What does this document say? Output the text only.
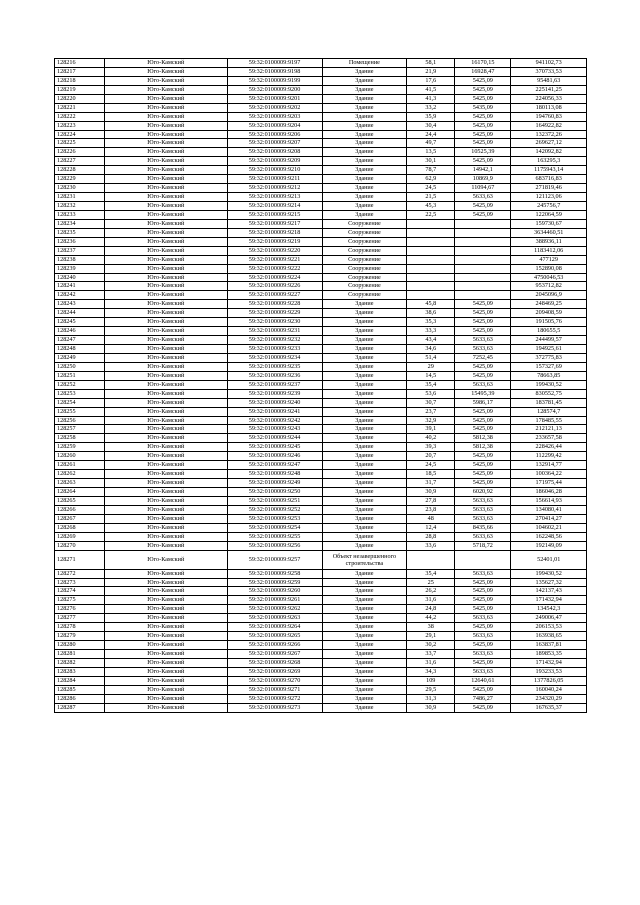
128216	Юго-Камский	59:32:0100009:9197	Помещение	58,1	16170,15	941102,73
128217	Юго-Камский	59:32:0100009:9198	Здание	21,9	16928,47	370733,53
128218	Юго-Камский	59:32:0100009:9199	Здание	17,6	5425,09	95481,63
128219	Юго-Камский	59:32:0100009:9200	Здание	41,5	5425,09	225141,25
128220	Юго-Камский	59:32:0100009:9201	Здание	41,3	5425,09	224056,33
128221	Юго-Камский	59:32:0100009:9202	Здание	33,2	5435,09	180113,08
128222	Юго-Камский	59:32:0100009:9203	Здание	35,9	5425,09	194760,83
128223	Юго-Камский	59:32:0100009:9204	Здание	30,4	5425,09	164922,82
128224	Юго-Камский	59:32:0100009:9206	Здание	24,4	5425,09	132372,26
128225	Юго-Камский	59:32:0100009:9207	Здание	49,7	5425,09	269627,12
128226	Юго-Камский	59:32:0100009:9208	Здание	13,5	10525,39	142092,82
128227	Юго-Камский	59:32:0100009:9209	Здание	30,1	5425,09	163295,3
128228	Юго-Камский	59:32:0100009:9210	Здание	78,7	14942,1	1175943,14
128229	Юго-Камский	59:32:0100009:9211	Здание	62,9	10869,9	683716,83
128230	Юго-Камский	59:32:0100009:9212	Здание	24,5	11094,67	271819,46
128231	Юго-Камский	59:32:0100009:9213	Здание	21,5	5633,63	121123,06
128232	Юго-Камский	59:32:0100009:9214	Здание	45,3	5425,09	245756,7
128233	Юго-Камский	59:32:0100009:9215	Здание	22,5	5425,09	122064,59
128234	Юго-Камский	59:32:0100009:9217	Сооружение			159730,67
128235	Юго-Камский	59:32:0100009:9218	Сооружение			3634460,51
128236	Юго-Камский	59:32:0100009:9219	Сооружение			388936,11
128237	Юго-Камский	59:32:0100009:9220	Сооружение			1183412,06
128238	Юго-Камский	59:32:0100009:9221	Сооружение			477129
128239	Юго-Камский	59:32:0100009:9222	Сооружение			152890,08
128240	Юго-Камский	59:32:0100009:9224	Сооружение			4750046,53
128241	Юго-Камский	59:32:0100009:9226	Сооружение			953712,82
128242	Юго-Камский	59:32:0100009:9227	Сооружение			2045096,9
128243	Юго-Камский	59:32:0100009:9228	Здание	45,8	5425,09	248469,25
128244	Юго-Камский	59:32:0100009:9229	Здание	38,6	5425,09	209408,59
128245	Юго-Камский	59:32:0100009:9230	Здание	35,3	5425,09	191505,76
128246	Юго-Камский	59:32:0100009:9231	Здание	33,3	5425,09	180655,5
128247	Юго-Камский	59:32:0100009:9232	Здание	43,4	5633,63	244499,57
128248	Юго-Камский	59:32:0100009:9233	Здание	34,6	5633,63	194925,61
128249	Юго-Камский	59:32:0100009:9234	Здание	51,4	7252,45	372775,83
128250	Юго-Камский	59:32:0100009:9235	Здание	29	5425,09	157327,69
128251	Юго-Камский	59:32:0100009:9236	Здание	14,5	5425,09	78663,85
128252	Юго-Камский	59:32:0100009:9237	Здание	35,4	5633,63	199430,52
128253	Юго-Камский	59:32:0100009:9239	Здание	53,6	15495,39	830552,75
128254	Юго-Камский	59:32:0100009:9240	Здание	30,7	5986,17	183781,45
128255	Юго-Камский	59:32:0100009:9241	Здание	23,7	5425,09	128574,7
128256	Юго-Камский	59:32:0100009:9242	Здание	32,9	5425,09	178485,55
128257	Юго-Камский	59:32:0100009:9243	Здание	39,1	5425,09	212121,13
128258	Юго-Камский	59:32:0100009:9244	Здание	40,2	5812,38	233657,58
128259	Юго-Камский	59:32:0100009:9245	Здание	39,3	5812,38	228426,44
128260	Юго-Камский	59:32:0100009:9246	Здание	20,7	5425,09	112299,42
128261	Юго-Камский	59:32:0100009:9247	Здание	24,5	5425,09	132914,77
128262	Юго-Камский	59:32:0100009:9248	Здание	18,5	5425,09	100364,22
128263	Юго-Камский	59:32:0100009:9249	Здание	31,7	5425,09	171975,44
128264	Юго-Камский	59:32:0100009:9250	Здание	30,9	6020,92	186046,28
128265	Юго-Камский	59:32:0100009:9251	Здание	27,8	5633,63	156614,93
128266	Юго-Камский	59:32:0100009:9252	Здание	23,8	5633,63	134080,41
128267	Юго-Камский	59:32:0100009:9253	Здание	48	5633,63	270414,27
128268	Юго-Камский	59:32:0100009:9254	Здание	12,4	8435,66	104602,21
128269	Юго-Камский	59:32:0100009:9255	Здание	28,8	5633,63	162248,56
128270	Юго-Камский	59:32:0100009:9256	Здание	33,6	5718,72	192149,09
128271	Юго-Камский	59:32:0100009:9257	Объект незавершенного строительства			52401,01
128272	Юго-Камский	59:32:0100009:9258	Здание	35,4	5633,63	199430,52
128273	Юго-Камский	59:32:0100009:9259	Здание	25	5425,09	135627,32
128274	Юго-Камский	59:32:0100009:9260	Здание	26,2	5425,09	142137,43
128275	Юго-Камский	59:32:0100009:9261	Здание	31,6	5425,09	171432,94
128276	Юго-Камский	59:32:0100009:9262	Здание	24,8	5425,09	134542,3
128277	Юго-Камский	59:32:0100009:9263	Здание	44,2	5633,63	249006,47
128278	Юго-Камский	59:32:0100009:9264	Здание	38	5425,09	206153,53
128279	Юго-Камский	59:32:0100009:9265	Здание	29,1	5633,63	163938,65
128280	Юго-Камский	59:32:0100009:9266	Здание	30,2	5425,09	163837,81
128281	Юго-Камский	59:32:0100009:9267	Здание	33,7	5633,63	189853,35
128282	Юго-Камский	59:32:0100009:9268	Здание	31,6	5425,09	171432,94
128283	Юго-Камский	59:32:0100009:9269	Здание	34,3	5633,63	193233,53
128284	Юго-Камский	59:32:0100009:9270	Здание	109	12640,61	1377826,05
128285	Юго-Камский	59:32:0100009:9271	Здание	29,5	5425,09	160040,24
128286	Юго-Камский	59:32:0100009:9272	Здание	31,3	7486,27	234320,29
128287	Юго-Камский	59:32:0100009:9273	Здание	30,9	5425,09	167635,37
